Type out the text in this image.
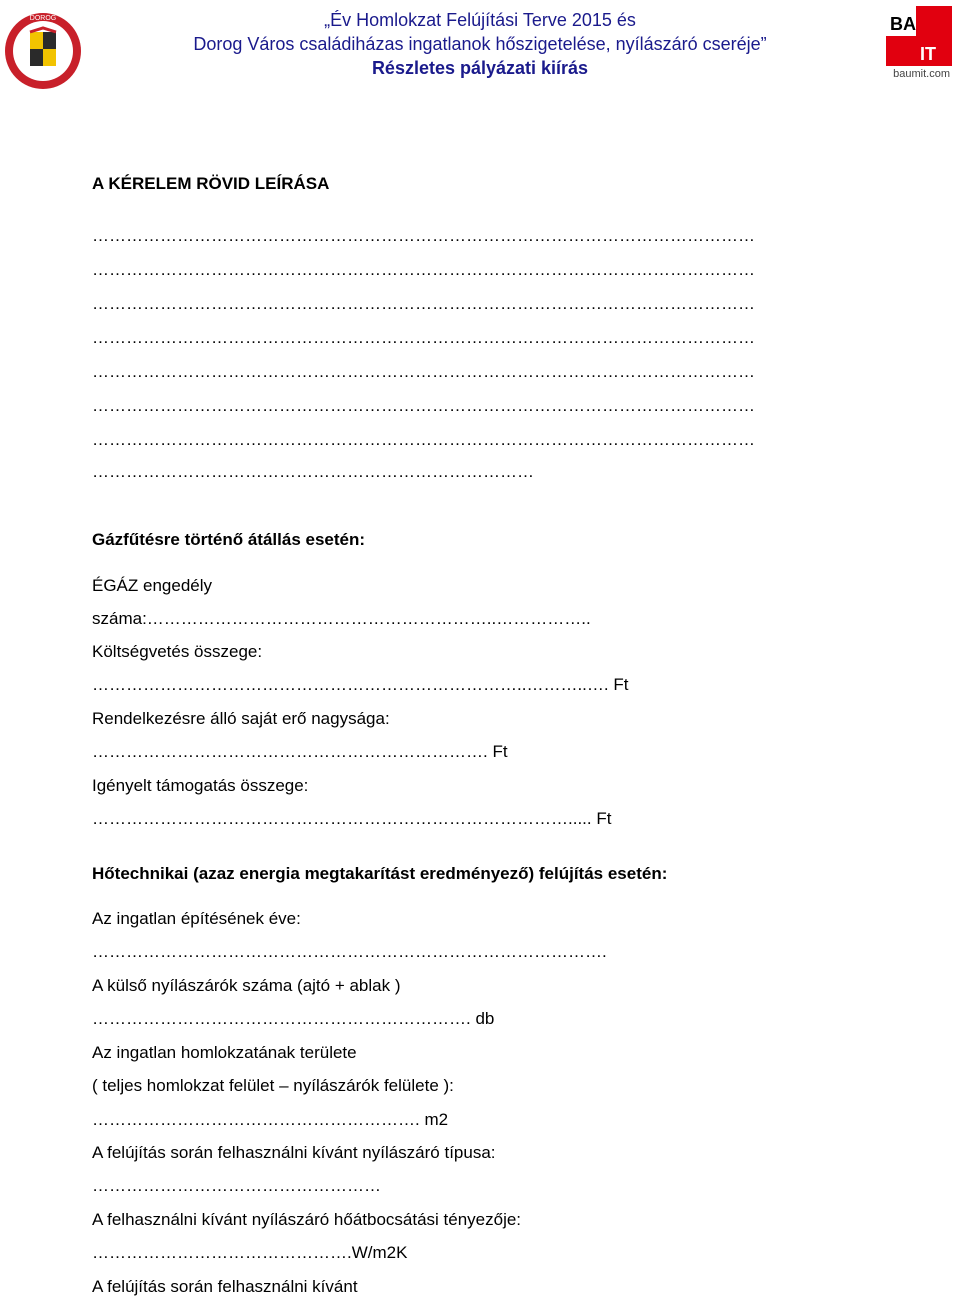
DOROG	„Év Homlokzat Felújítási Terve 2015 és
Dorog Város családiházas ingatlanok hőszigetelése, nyílászáró cseréje”
Részletes pályázati kiírás
BA
IT
baumit.com
A KÉRELEM RÖVID LEÍRÁSA
………………………………………………………………………………………………………
………………………………………………………………………………………………………
………………………………………………………………………………………………………
………………………………………………………………………………………………………
………………………………………………………………………………………………………
………………………………………………………………………………………………………
………………………………………………………………………………………………………
……………………………………………………………………
Gázfűtésre történő átállás esetén:
ÉGÁZ engedély
száma:……………………………………………………..……………..
Költségvetés összege:
…………………………………………………………………..………..…. Ft
Rendelkezésre álló saját erő nagysága:
……………………………………………………………. Ft
Igényelt támogatás összege:
…………………………………………………………………………..... Ft
Hőtechnikai (azaz energia megtakarítást eredményező) felújítás esetén:
Az ingatlan építésének éve:
……………………………………………………………………………….
A külső nyílászárók száma (ajtó + ablak )
…………………………………………………………. db
Az ingatlan homlokzatának területe
( teljes homlokzat felület – nyílászárók felülete ):
…………………………………………………. m2
A felújítás során felhasználni kívánt nyílászáró típusa:
……………………………………………
A felhasználni kívánt nyílászáró hőátbocsátási tényezője:
……………………………………….W/m2K
A felújítás során felhasználni kívánt
